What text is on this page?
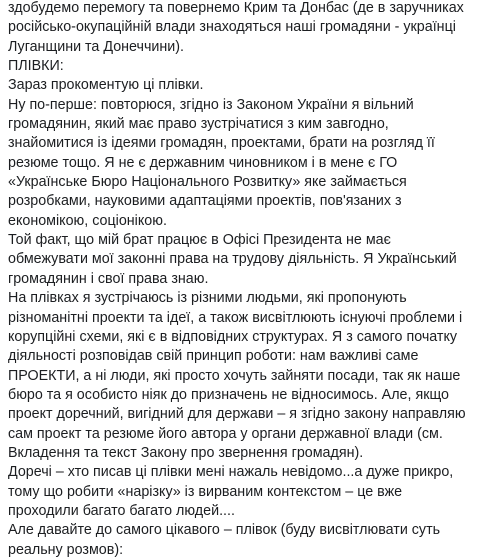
здобудемо перемогу та повернемо Крим та Донбас (де в заручниках
російсько-окупаційній влади знаходяться наші громадяни - українці
Луганщини та Донеччини).
ПЛІВКИ:
Зараз прокоментую ці плівки.
Ну по-перше: повторюся, згідно із Законом України я вільний
громадянин, який має право зустрічатися з ким завгодно,
знайомитися із ідеями громадян, проектами, брати на розгляд її
резюме тощо. Я не є державним чиновником і в мене є ГО
«Українське Бюро Національного Розвитку» яке займається
розробками, науковими адаптаціями проектів, пов'язаних з
економікою, соціонікою.
Той факт, що мій брат працює в Офісі Президента не має
обмежувати мої законні права на трудову діяльність. Я Український
громадянин і свої права знаю.
На плівках я зустрічаюсь із різними людьми, які пропонують
різноманітні проекти та ідеї, а також висвітлюють існуючі проблеми і
корупційні схеми, які є в відповідних структурах. Я з самого початку
діяльності розповідав свій принцип роботи: нам важливі саме
ПРОЕКТИ, а ні люди, які просто хочуть зайняти посади, так як наше
бюро та я особисто ніяк до призначень не відносимось. Але, якщо
проект доречний, вигідний для держави – я згідно закону направляю
сам проект та резюме його автора у органи державної влади (см.
Вкладення та текст Закону про звернення громадян).
Доречі – хто писав ці плівки мені нажаль невідомо...а дуже прикро,
тому що робити «нарізку» із вирваним контекстом – це вже
проходили багато багато людей....
Але давайте до самого цікавого – плівок (буду висвітлювати суть
реальну розмов):
